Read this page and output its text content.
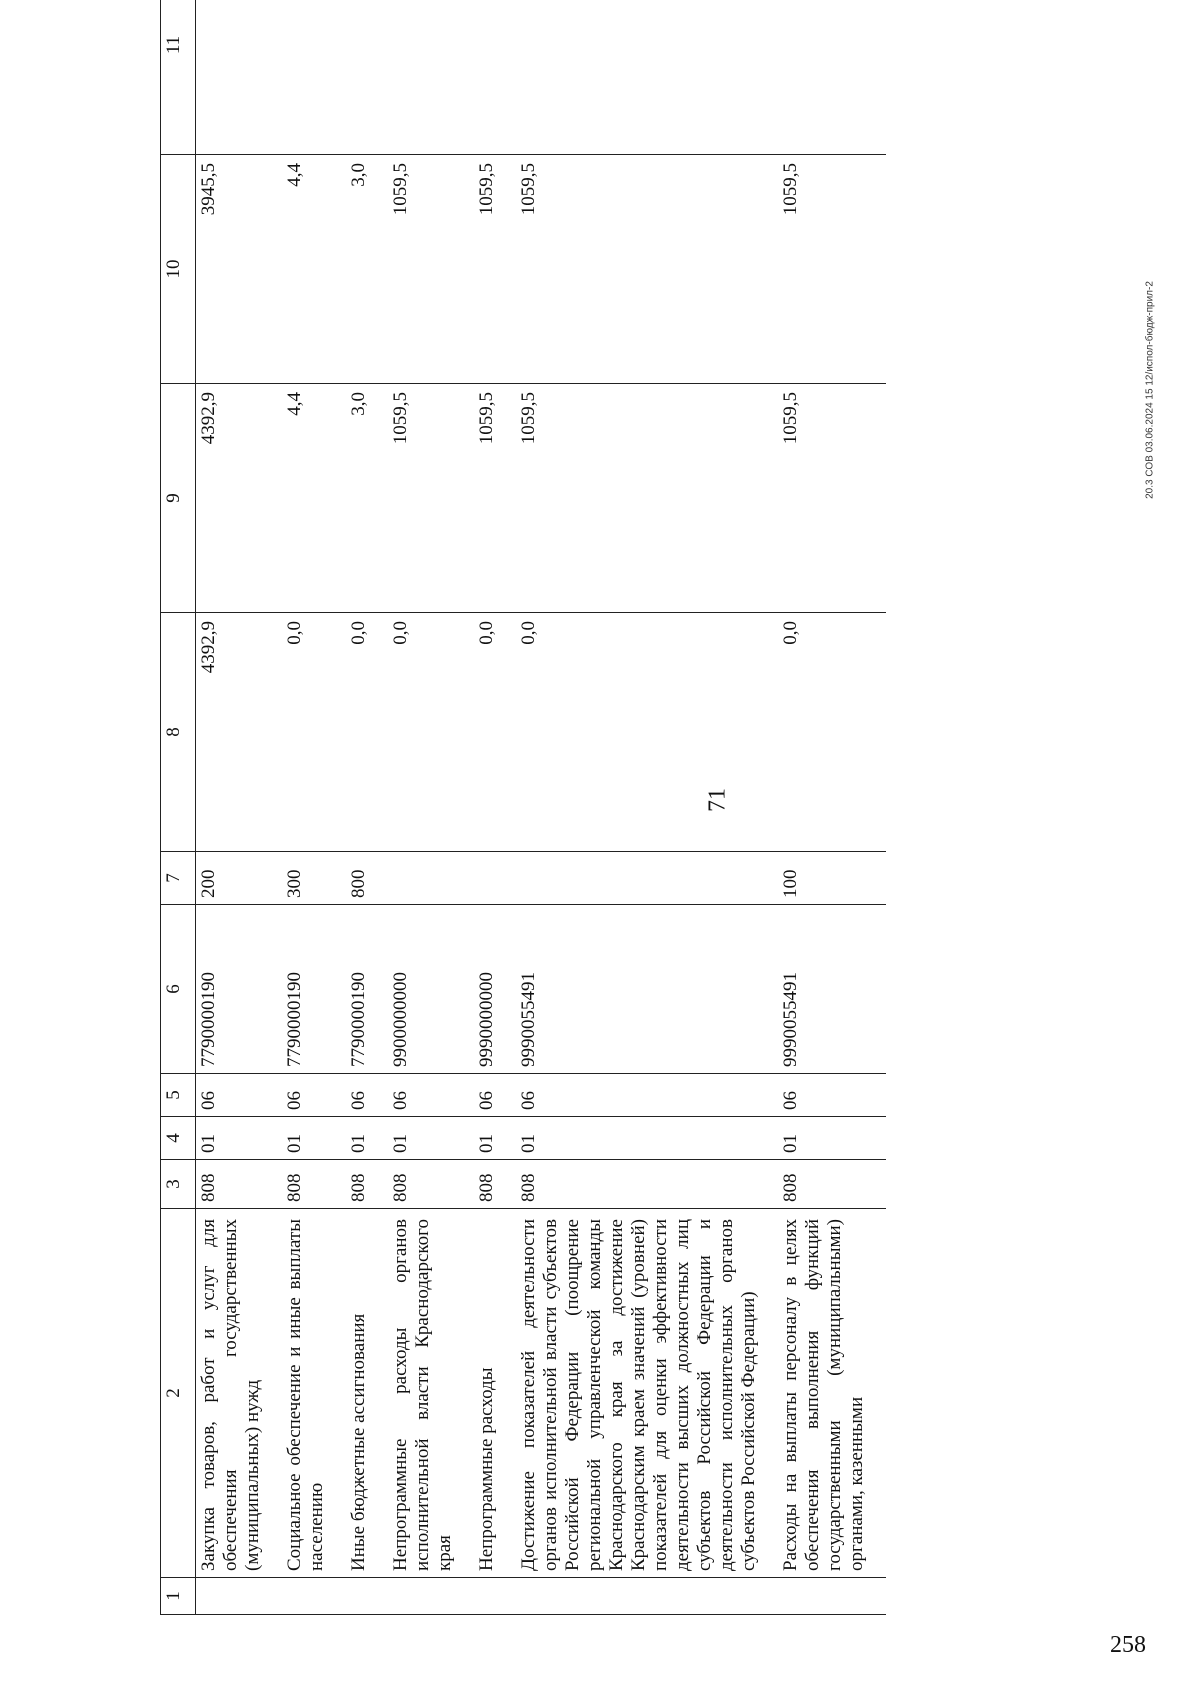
71
20.3 СОВ 03.06.2024 15 12/испол-бюдж-прил-2
258
1	2	3	4	5	6	7	8	9	10	11
	Закупка товаров, работ и услуг для обеспечения государственных (муниципальных) нужд	808	01	06	7790000190	200	4392,9	4392,9	3945,5	
	Социальное обеспечение и иные выплаты населению	808	01	06	7790000190	300	0,0	4,4	4,4	
	Иные бюджетные ассигнования	808	01	06	7790000190	800	0,0	3,0	3,0	
	Непрограммные расходы органов исполнительной власти Краснодарского края	808	01	06	9900000000		0,0	1059,5	1059,5	
	Непрограммные расходы	808	01	06	9990000000		0,0	1059,5	1059,5	
	Достижение показателей деятельности органов исполнительной власти субъектов Российской Федерации (поощрение региональной управленческой команды Краснодарского края за достижение Краснодарским краем значений (уровней) показателей для оценки эффективности деятельности высших должностных лиц субъектов Российской Федерации и деятельности исполнительных органов субъектов Российской Федерации)	808	01	06	9990055491		0,0	1059,5	1059,5	
	Расходы на выплаты персоналу в целях обеспечения выполнения функций государственными (муниципальными) органами, казенными	808	01	06	9990055491	100	0,0	1059,5	1059,5	
